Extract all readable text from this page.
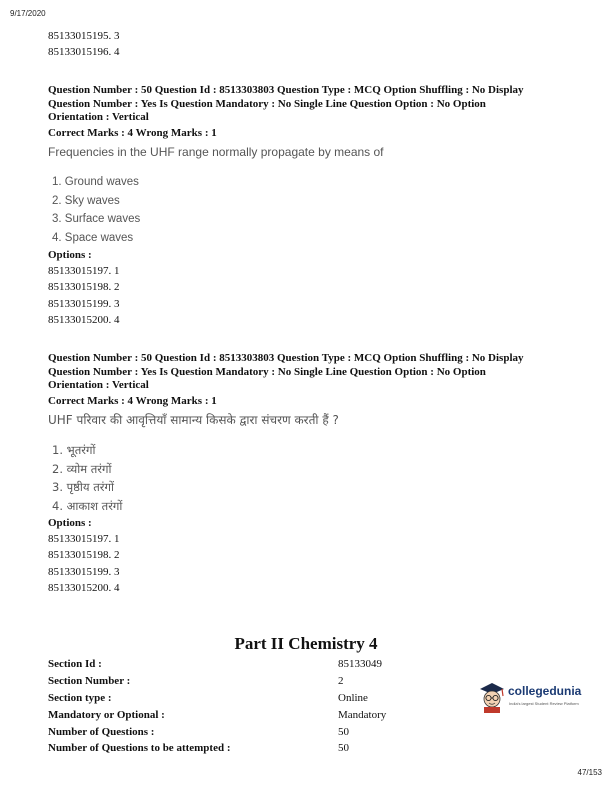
9/17/2020
85133015195. 3
85133015196. 4
Question Number : 50 Question Id : 8513303803 Question Type : MCQ Option Shuffling : No Display
Question Number : Yes Is Question Mandatory : No Single Line Question Option : No Option
Orientation : Vertical
Correct Marks : 4 Wrong Marks : 1
Frequencies in the UHF range normally propagate by means of
1. Ground waves
2. Sky waves
3. Surface waves
4. Space waves
Options :
85133015197. 1
85133015198. 2
85133015199. 3
85133015200. 4
Question Number : 50 Question Id : 8513303803 Question Type : MCQ Option Shuffling : No Display
Question Number : Yes Is Question Mandatory : No Single Line Question Option : No Option
Orientation : Vertical
Correct Marks : 4 Wrong Marks : 1
UHF परिवार की आवृत्तियाँ सामान्य किसके द्वारा संचरण करती हैं ?
1. भूतरंगों
2. व्योम तरंगों
3. पृष्ठीय तरंगों
4. आकाश तरंगों
Options :
85133015197. 1
85133015198. 2
85133015199. 3
85133015200. 4
Part II Chemistry 4
Section Id :	85133049
Section Number :	2
Section type :	Online
Mandatory or Optional :	Mandatory
Number of Questions :	50
Number of Questions to be attempted :	50
collegedunia
India's largest Student Review Platform
47/153
